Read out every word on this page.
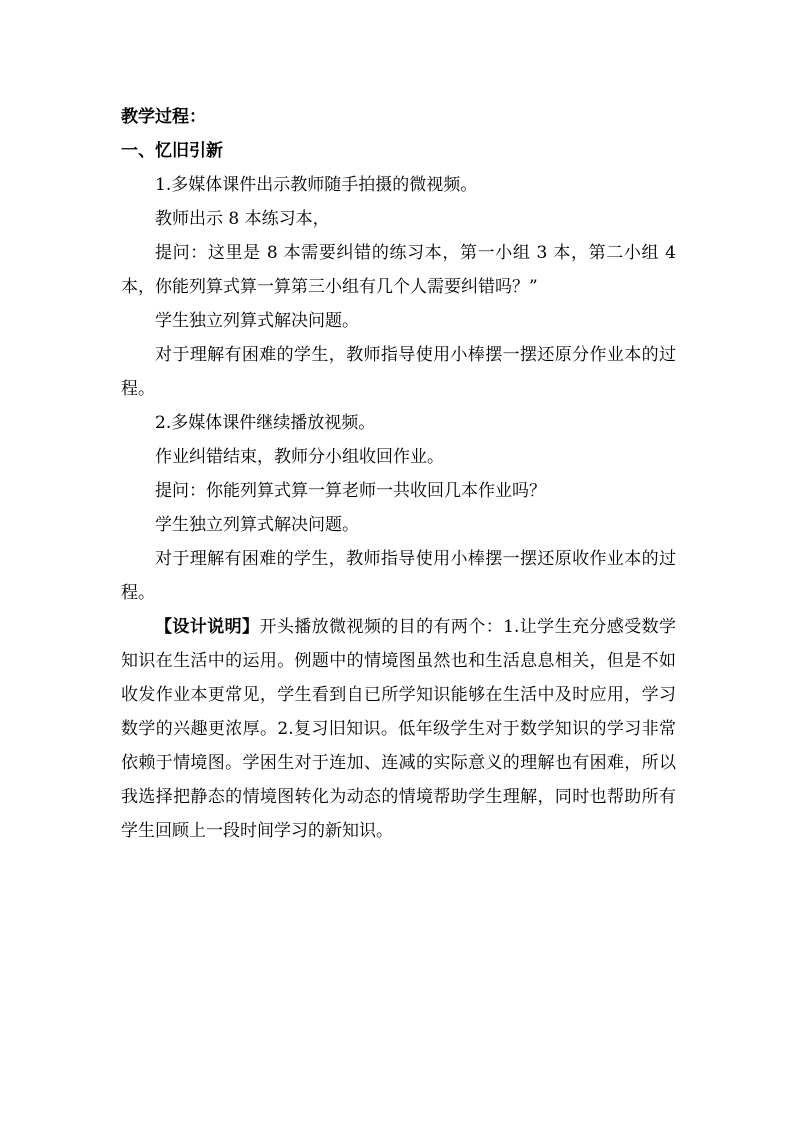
教学过程：

一、忆旧引新

1.多媒体课件出示教师随手拍摄的微视频。

教师出示 8 本练习本，

提问：这里是 8 本需要纠错的练习本，第一小组 3 本，第二小组 4 本，你能列算式算一算第三小组有几个人需要纠错吗？”

学生独立列算式解决问题。

对于理解有困难的学生，教师指导使用小棒摆一摆还原分作业本的过程。

2.多媒体课件继续播放视频。

作业纠错结束，教师分小组收回作业。

提问：你能列算式算一算老师一共收回几本作业吗？

学生独立列算式解决问题。

对于理解有困难的学生，教师指导使用小棒摆一摆还原收作业本的过程。

【设计说明】开头播放微视频的目的有两个：1.让学生充分感受数学知识在生活中的运用。例题中的情境图虽然也和生活息息相关，但是不如收发作业本更常见，学生看到自已所学知识能够在生活中及时应用，学习数学的兴趣更浓厚。2.复习旧知识。低年级学生对于数学知识的学习非常依赖于情境图。学困生对于连加、连减的实际意义的理解也有困难，所以我选择把静态的情境图转化为动态的情境帮助学生理解，同时也帮助所有学生回顾上一段时间学习的新知识。
